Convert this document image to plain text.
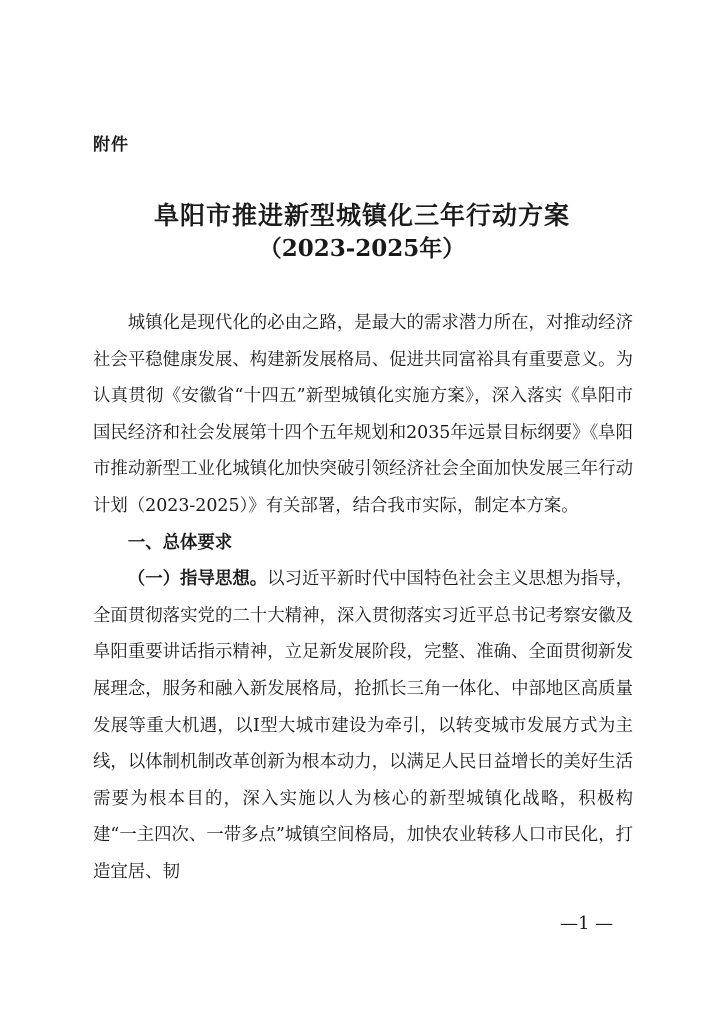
附件
阜阳市推进新型城镇化三年行动方案
（2023-2025年）

城镇化是现代化的必由之路，是最大的需求潜力所在，对推动经济社会平稳健康发展、构建新发展格局、促进共同富裕具有重要意义。为认真贯彻《安徽省“十四五”新型城镇化实施方案》，深入落实《阜阳市国民经济和社会发展第十四个五年规划和2035年远景目标纲要》《阜阳市推动新型工业化城镇化加快突破引领经济社会全面加快发展三年行动计划（2023-2025）》有关部署，结合我市实际，制定本方案。

一、总体要求

（一）指导思想。以习近平新时代中国特色社会主义思想为指导，全面贯彻落实党的二十大精神，深入贯彻落实习近平总书记考察安徽及阜阳重要讲话指示精神，立足新发展阶段，完整、准确、全面贯彻新发展理念，服务和融入新发展格局，抢抓长三角一体化、中部地区高质量发展等重大机遇，以I型大城市建设为牵引，以转变城市发展方式为主线，以体制机制改革创新为根本动力，以满足人民日益增长的美好生活需要为根本目的，深入实施以人为核心的新型城镇化战略，积极构建“一主四次、一带多点”城镇空间格局，加快农业转移人口市民化，打造宜居、韧

—1 —
